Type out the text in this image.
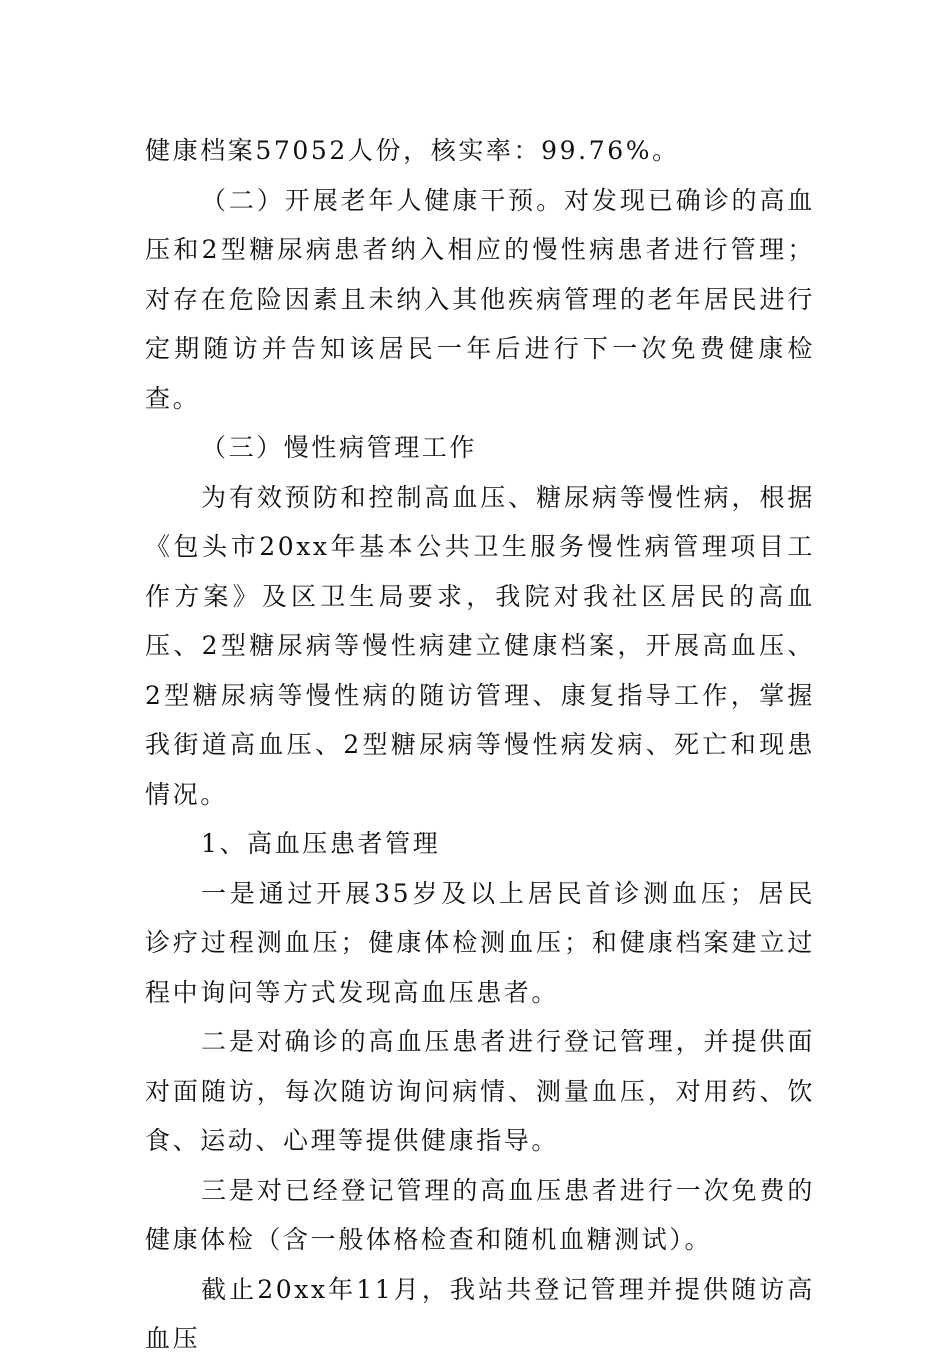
健康档案57052人份，核实率：99.76%。

（二）开展老年人健康干预。对发现已确诊的高血压和2型糖尿病患者纳入相应的慢性病患者进行管理；对存在危险因素且未纳入其他疾病管理的老年居民进行定期随访并告知该居民一年后进行下一次免费健康检查。

（三）慢性病管理工作

为有效预防和控制高血压、糖尿病等慢性病，根据《包头市20xx年基本公共卫生服务慢性病管理项目工作方案》及区卫生局要求，我院对我社区居民的高血压、2型糖尿病等慢性病建立健康档案，开展高血压、2型糖尿病等慢性病的随访管理、康复指导工作，掌握我街道高血压、2型糖尿病等慢性病发病、死亡和现患情况。

1、高血压患者管理

一是通过开展35岁及以上居民首诊测血压；居民诊疗过程测血压；健康体检测血压；和健康档案建立过程中询问等方式发现高血压患者。

二是对确诊的高血压患者进行登记管理，并提供面对面随访，每次随访询问病情、测量血压，对用药、饮食、运动、心理等提供健康指导。

三是对已经登记管理的高血压患者进行一次免费的健康体检（含一般体格检查和随机血糖测试）。

截止20xx年11月，我站共登记管理并提供随访高血压
